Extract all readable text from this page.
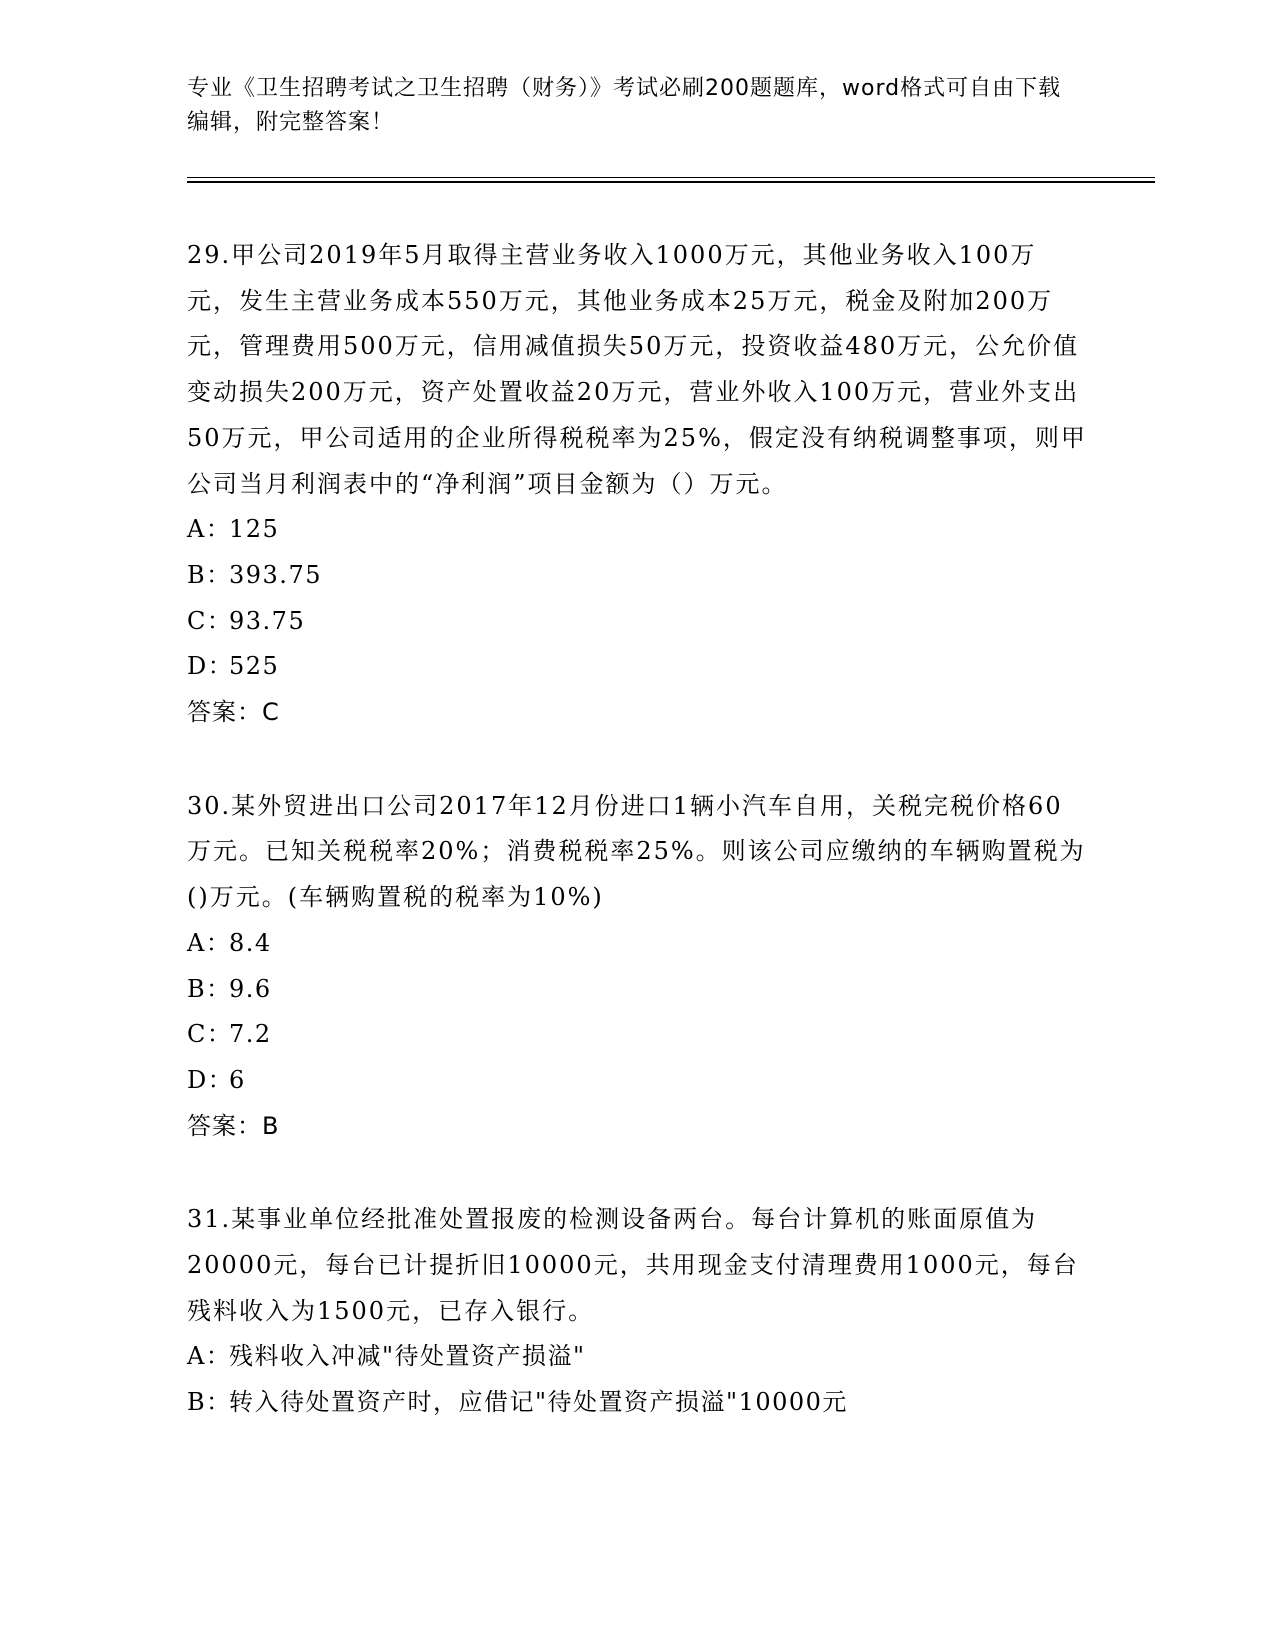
专业《卫生招聘考试之卫生招聘（财务）》考试必刷200题题库，word格式可自由下载编辑，附完整答案！

29.甲公司2019年5月取得主营业务收入1000万元，其他业务收入100万元，发生主营业务成本550万元，其他业务成本25万元，税金及附加200万元，管理费用500万元，信用减值损失50万元，投资收益480万元，公允价值变动损失200万元，资产处置收益20万元，营业外收入100万元，营业外支出50万元，甲公司适用的企业所得税税率为25%，假定没有纳税调整事项，则甲公司当月利润表中的“净利润”项目金额为（）万元。

A：125
B：393.75
C：93.75
D：525

答案：C

30.某外贸进出口公司2017年12月份进口1辆小汽车自用，关税完税价格60万元。已知关税税率20%；消费税税率25%。则该公司应缴纳的车辆购置税为()万元。(车辆购置税的税率为10%)

A：8.4
B：9.6
C：7.2
D：6

答案：B

31.某事业单位经批准处置报废的检测设备两台。每台计算机的账面原值为20000元，每台已计提折旧10000元，共用现金支付清理费用1000元，每台残料收入为1500元，已存入银行。

A：残料收入冲减"待处置资产损溢"
B：转入待处置资产时，应借记"待处置资产损溢"10000元
